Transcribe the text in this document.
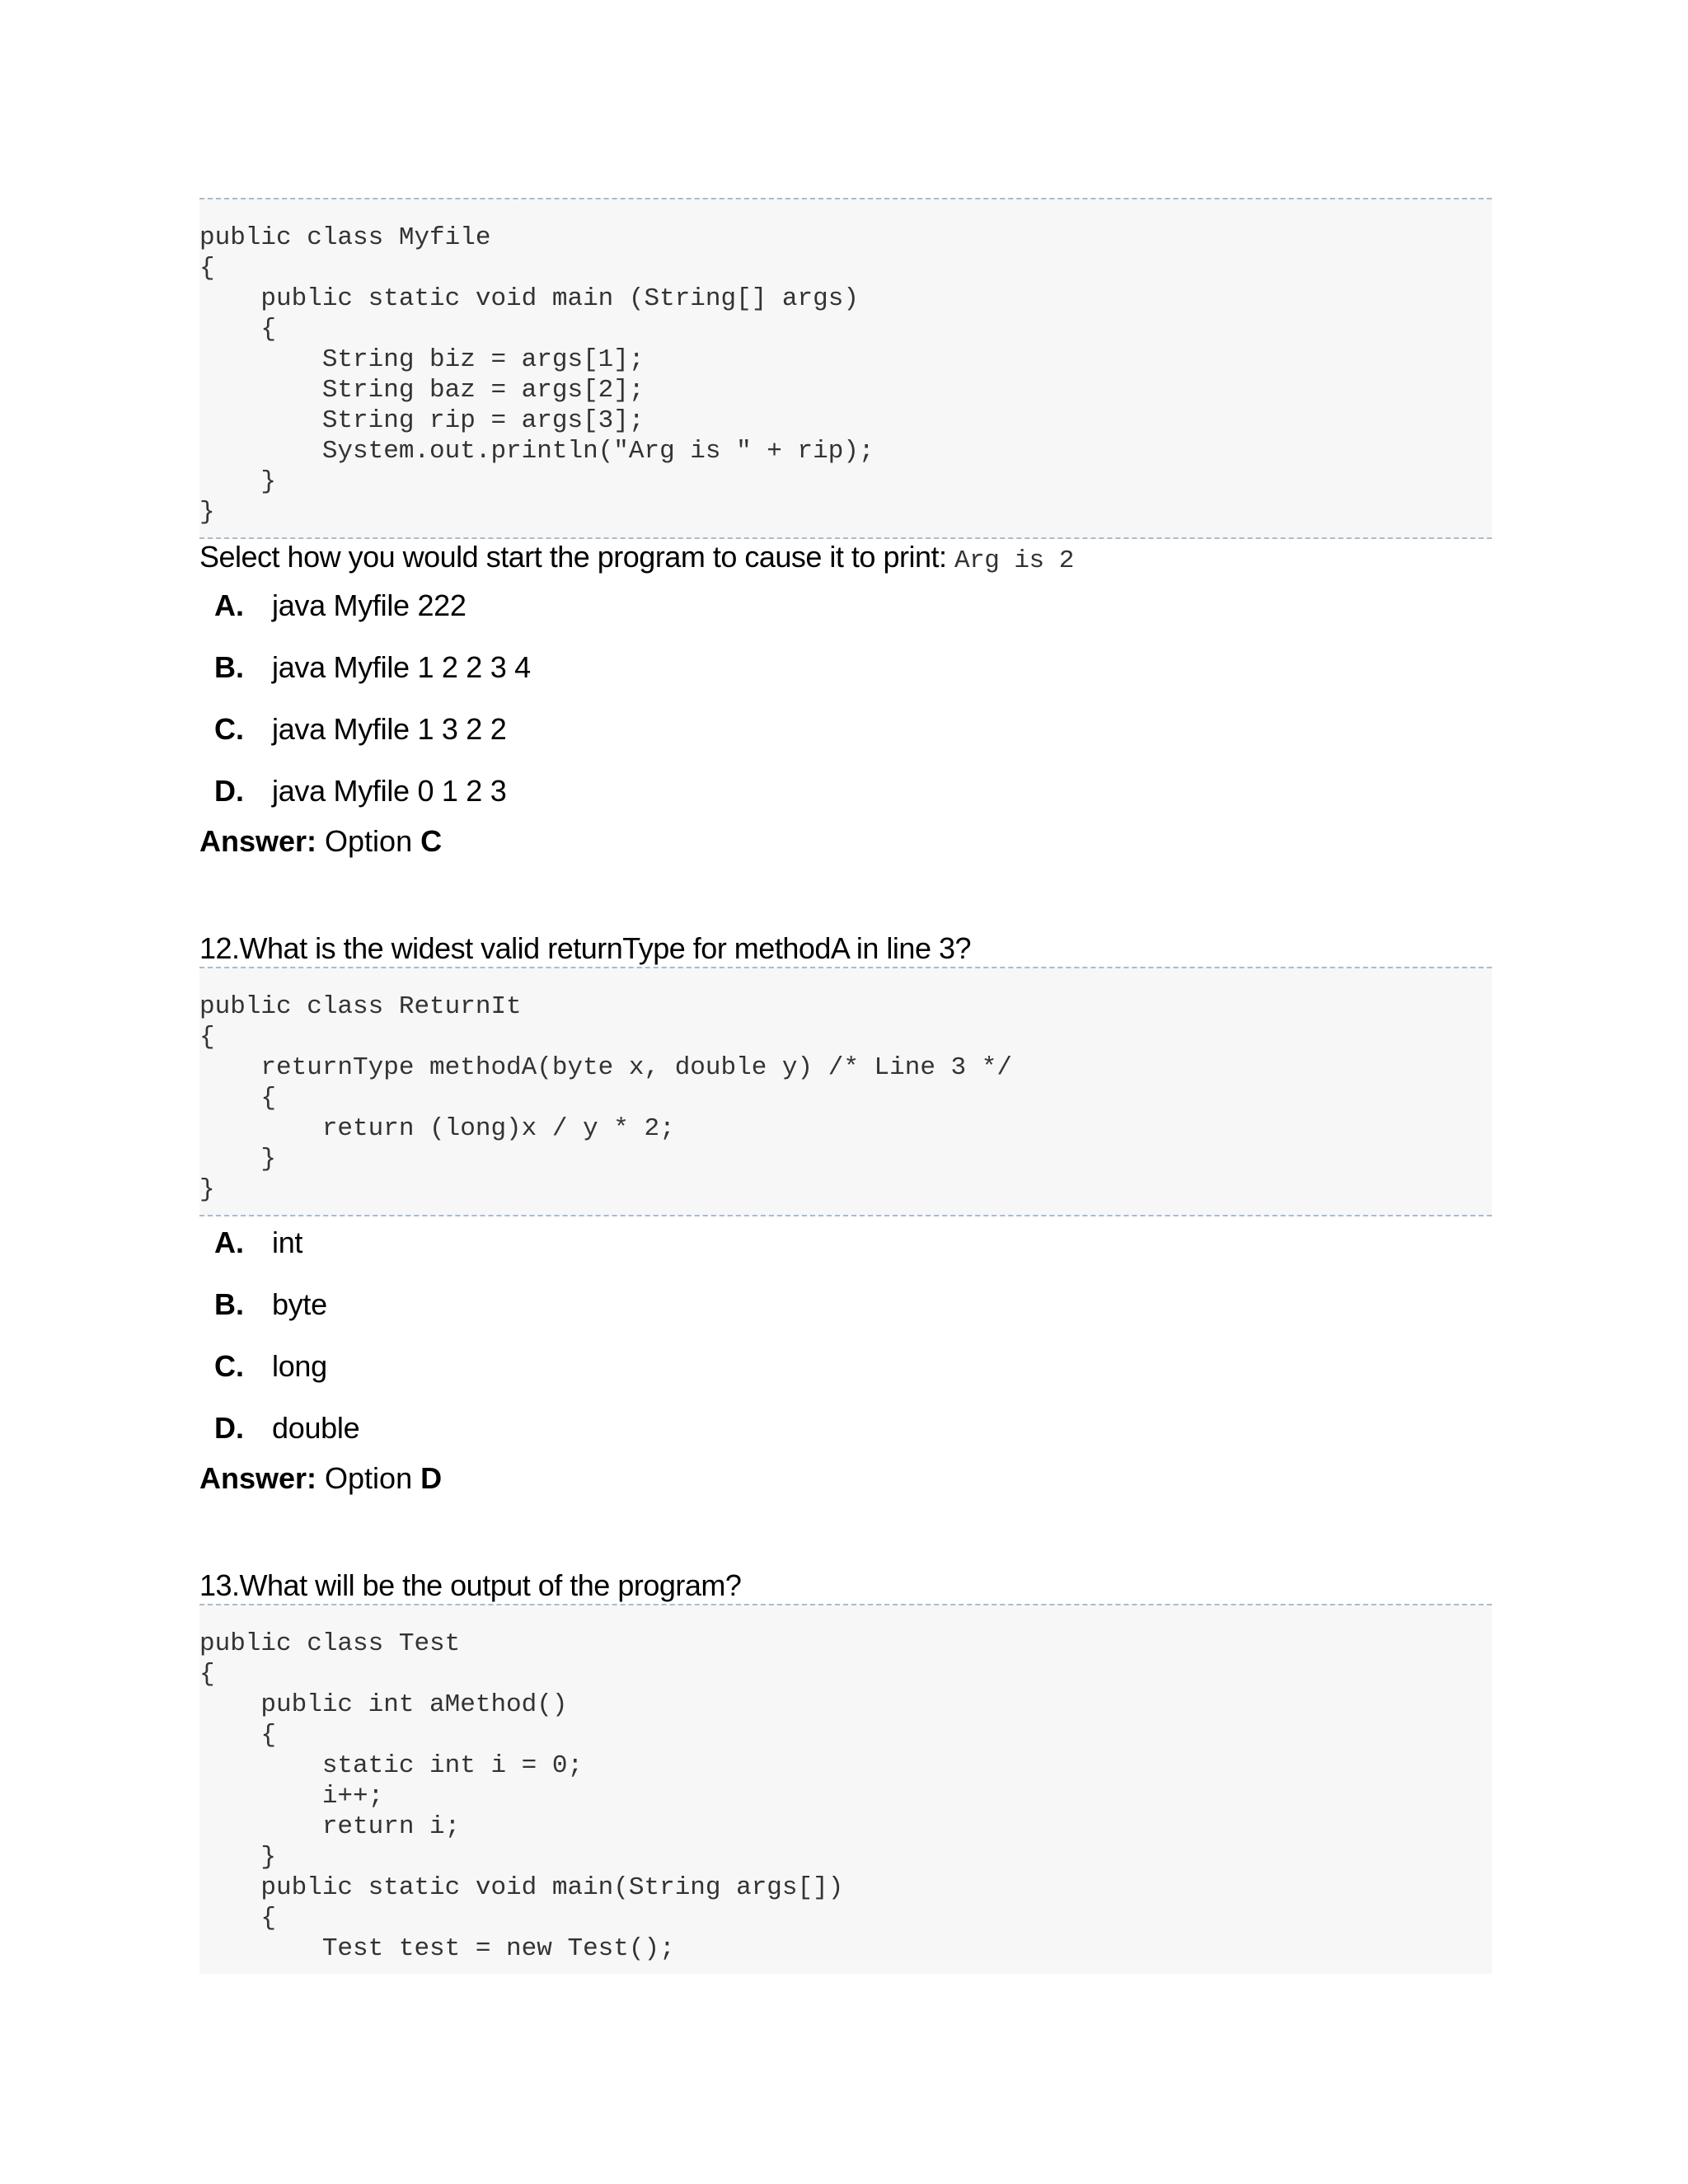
public class Myfile
{
public static void main (String[] args)
{
String biz = args[1];
String baz = args[2];
String rip = args[3];
System.out.println("Arg is " + rip);
}
}

Select how you would start the program to cause it to print: Arg is 2

A. java Myfile 222
B. java Myfile 1 2 2 3 4
C. java Myfile 1 3 2 2
D. java Myfile 0 1 2 3

Answer: Option C

12.What is the widest valid returnType for methodA in line 3?

public class ReturnIt
{
returnType methodA(byte x, double y) /* Line 3 */
{
return (long)x / y * 2;
}
}
A. int
B. byte
C. long
D. double

Answer: Option D

13.What will be the output of the program?

public class Test
{
public int aMethod()
{
static int i = 0;
i++;
return i;
}
public static void main(String args[])
{
Test test = new Test();
